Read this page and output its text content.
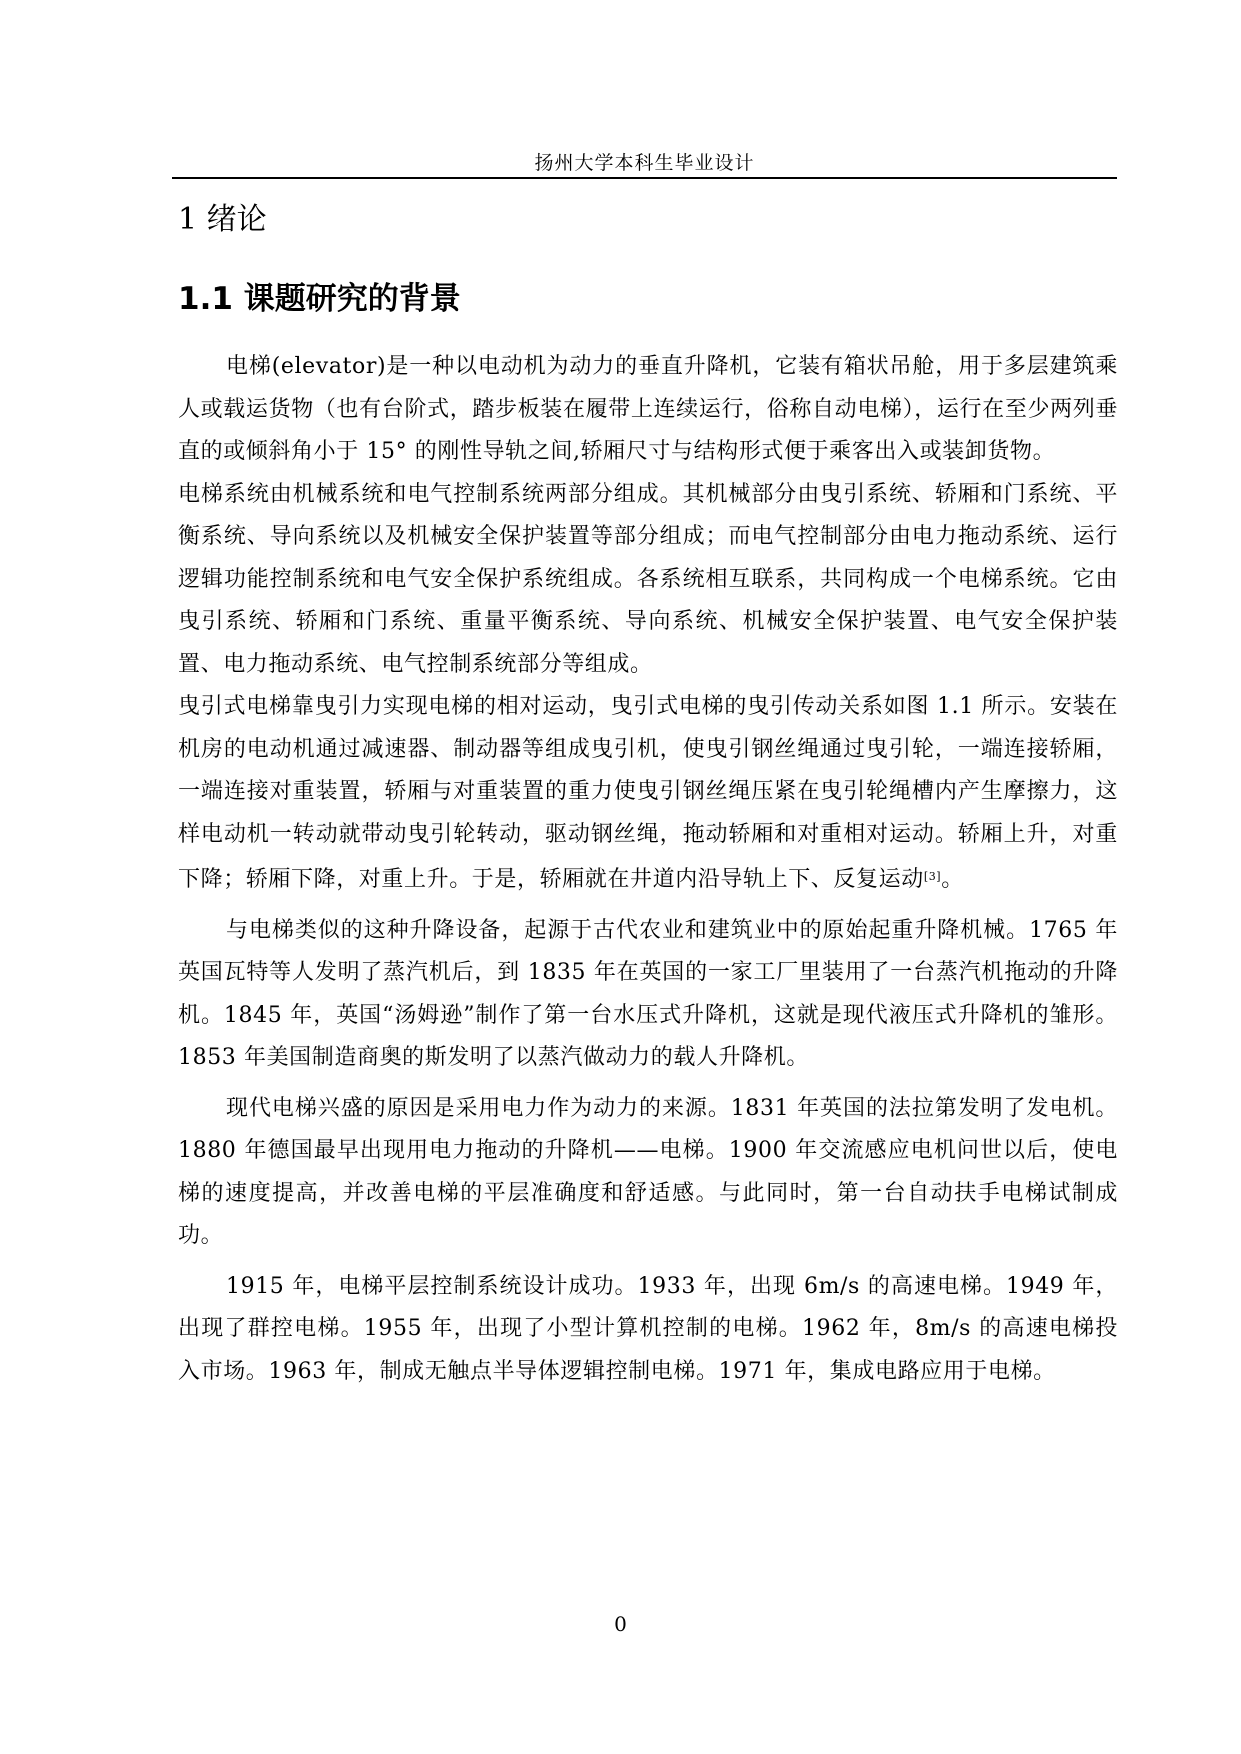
扬州大学本科生毕业设计
1 绪论
1.1 课题研究的背景

电梯(elevator)是一种以电动机为动力的垂直升降机，它装有箱状吊舱，用于多层建筑乘人或载运货物（也有台阶式，踏步板装在履带上连续运行，俗称自动电梯），运行在至少两列垂直的或倾斜角小于 15° 的刚性导轨之间,轿厢尺寸与结构形式便于乘客出入或装卸货物。

电梯系统由机械系统和电气控制系统两部分组成。其机械部分由曳引系统、轿厢和门系统、平衡系统、导向系统以及机械安全保护装置等部分组成；而电气控制部分由电力拖动系统、运行逻辑功能控制系统和电气安全保护系统组成。各系统相互联系，共同构成一个电梯系统。它由曳引系统、轿厢和门系统、重量平衡系统、导向系统、机械安全保护装置、电气安全保护装置、电力拖动系统、电气控制系统部分等组成。

曳引式电梯靠曳引力实现电梯的相对运动，曳引式电梯的曳引传动关系如图 1.1 所示。安装在机房的电动机通过减速器、制动器等组成曳引机，使曳引钢丝绳通过曳引轮，一端连接轿厢，一端连接对重装置，轿厢与对重装置的重力使曳引钢丝绳压紧在曳引轮绳槽内产生摩擦力，这样电动机一转动就带动曳引轮转动，驱动钢丝绳，拖动轿厢和对重相对运动。轿厢上升，对重下降；轿厢下降，对重上升。于是，轿厢就在井道内沿导轨上下、反复运动[3]。

与电梯类似的这种升降设备，起源于古代农业和建筑业中的原始起重升降机械。1765 年英国瓦特等人发明了蒸汽机后，到 1835 年在英国的一家工厂里装用了一台蒸汽机拖动的升降机。1845 年，英国“汤姆逊”制作了第一台水压式升降机，这就是现代液压式升降机的雏形。1853 年美国制造商奥的斯发明了以蒸汽做动力的载人升降机。

现代电梯兴盛的原因是采用电力作为动力的来源。1831 年英国的法拉第发明了发电机。1880 年德国最早出现用电力拖动的升降机——电梯。1900 年交流感应电机问世以后，使电梯的速度提高，并改善电梯的平层准确度和舒适感。与此同时，第一台自动扶手电梯试制成功。

1915 年，电梯平层控制系统设计成功。1933 年，出现 6m/s 的高速电梯。1949 年，出现了群控电梯。1955 年，出现了小型计算机控制的电梯。1962 年，8m/s 的高速电梯投入市场。1963 年，制成无触点半导体逻辑控制电梯。1971 年，集成电路应用于电梯。

0
